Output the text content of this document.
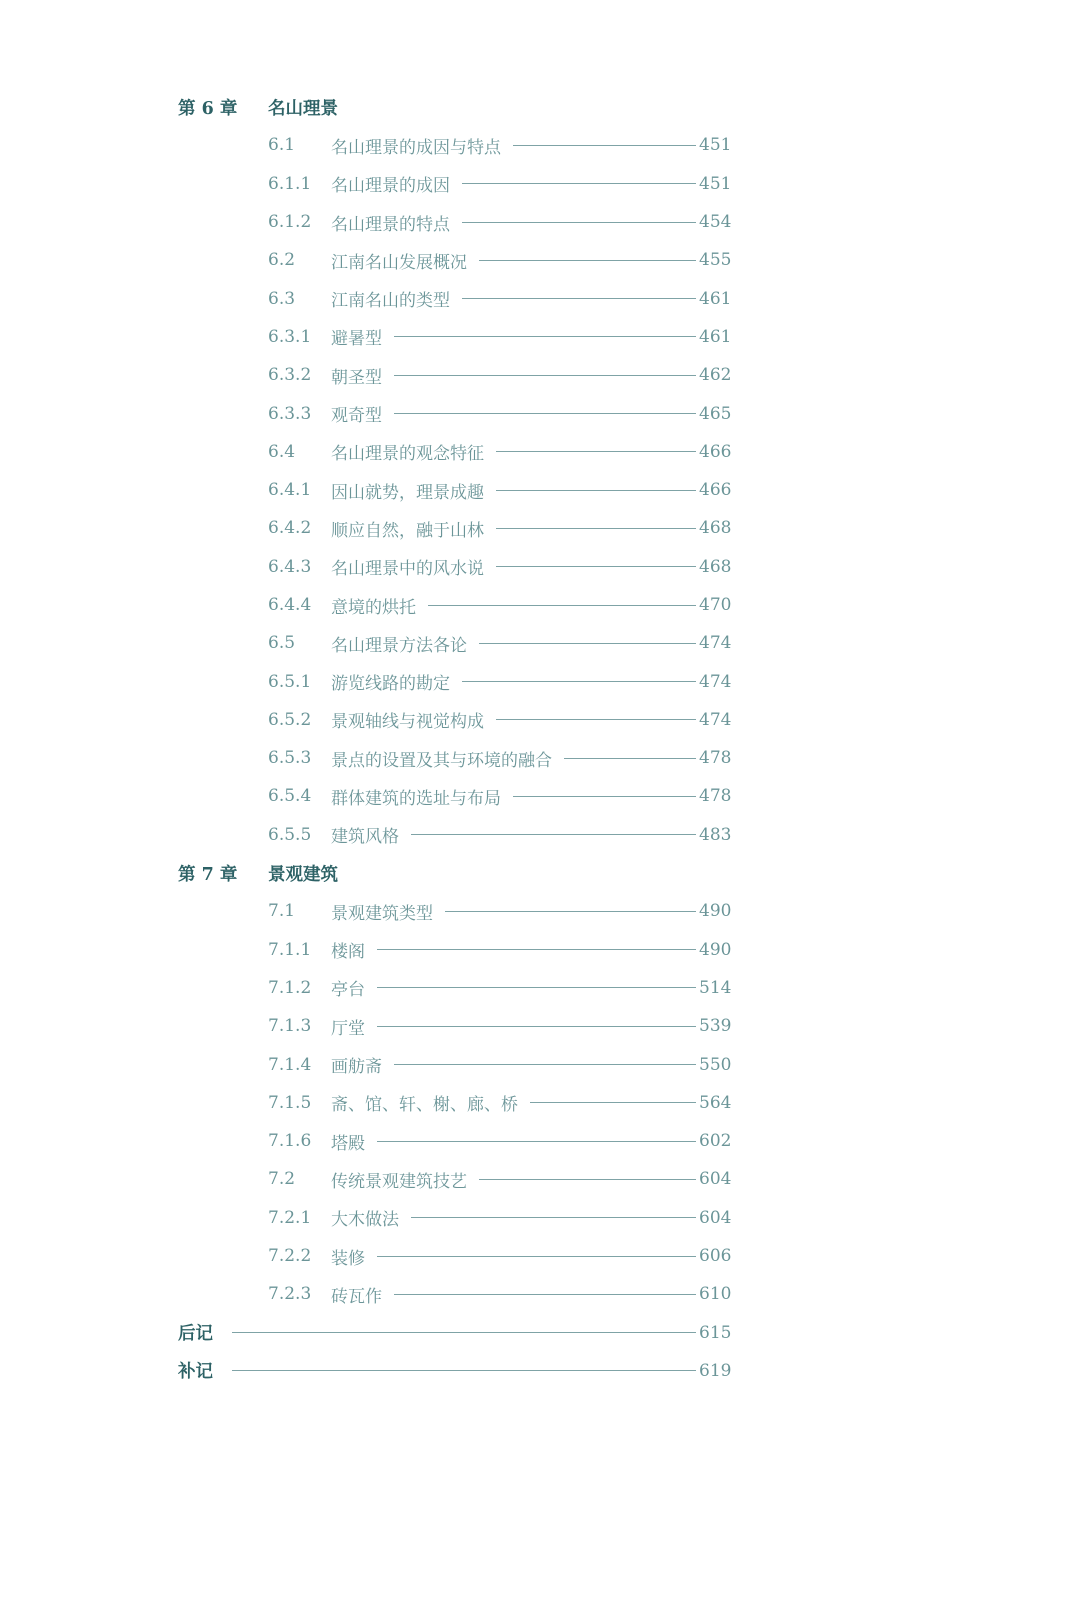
第 6 章	名山理景
6.1	名山理景的成因与特点	451
6.1.1	名山理景的成因	451
6.1.2	名山理景的特点	454
6.2	江南名山发展概况	455
6.3	江南名山的类型	461
6.3.1	避暑型	461
6.3.2	朝圣型	462
6.3.3	观奇型	465
6.4	名山理景的观念特征	466
6.4.1	因山就势，理景成趣	466
6.4.2	顺应自然，融于山林	468
6.4.3	名山理景中的风水说	468
6.4.4	意境的烘托	470
6.5	名山理景方法各论	474
6.5.1	游览线路的勘定	474
6.5.2	景观轴线与视觉构成	474
6.5.3	景点的设置及其与环境的融合	478
6.5.4	群体建筑的选址与布局	478
6.5.5	建筑风格	483
第 7 章	景观建筑
7.1	景观建筑类型	490
7.1.1	楼阁	490
7.1.2	亭台	514
7.1.3	厅堂	539
7.1.4	画舫斋	550
7.1.5	斋、馆、轩、榭、廊、桥	564
7.1.6	塔殿	602
7.2	传统景观建筑技艺	604
7.2.1	大木做法	604
7.2.2	装修	606
7.2.3	砖瓦作	610
后记	615
补记	619
